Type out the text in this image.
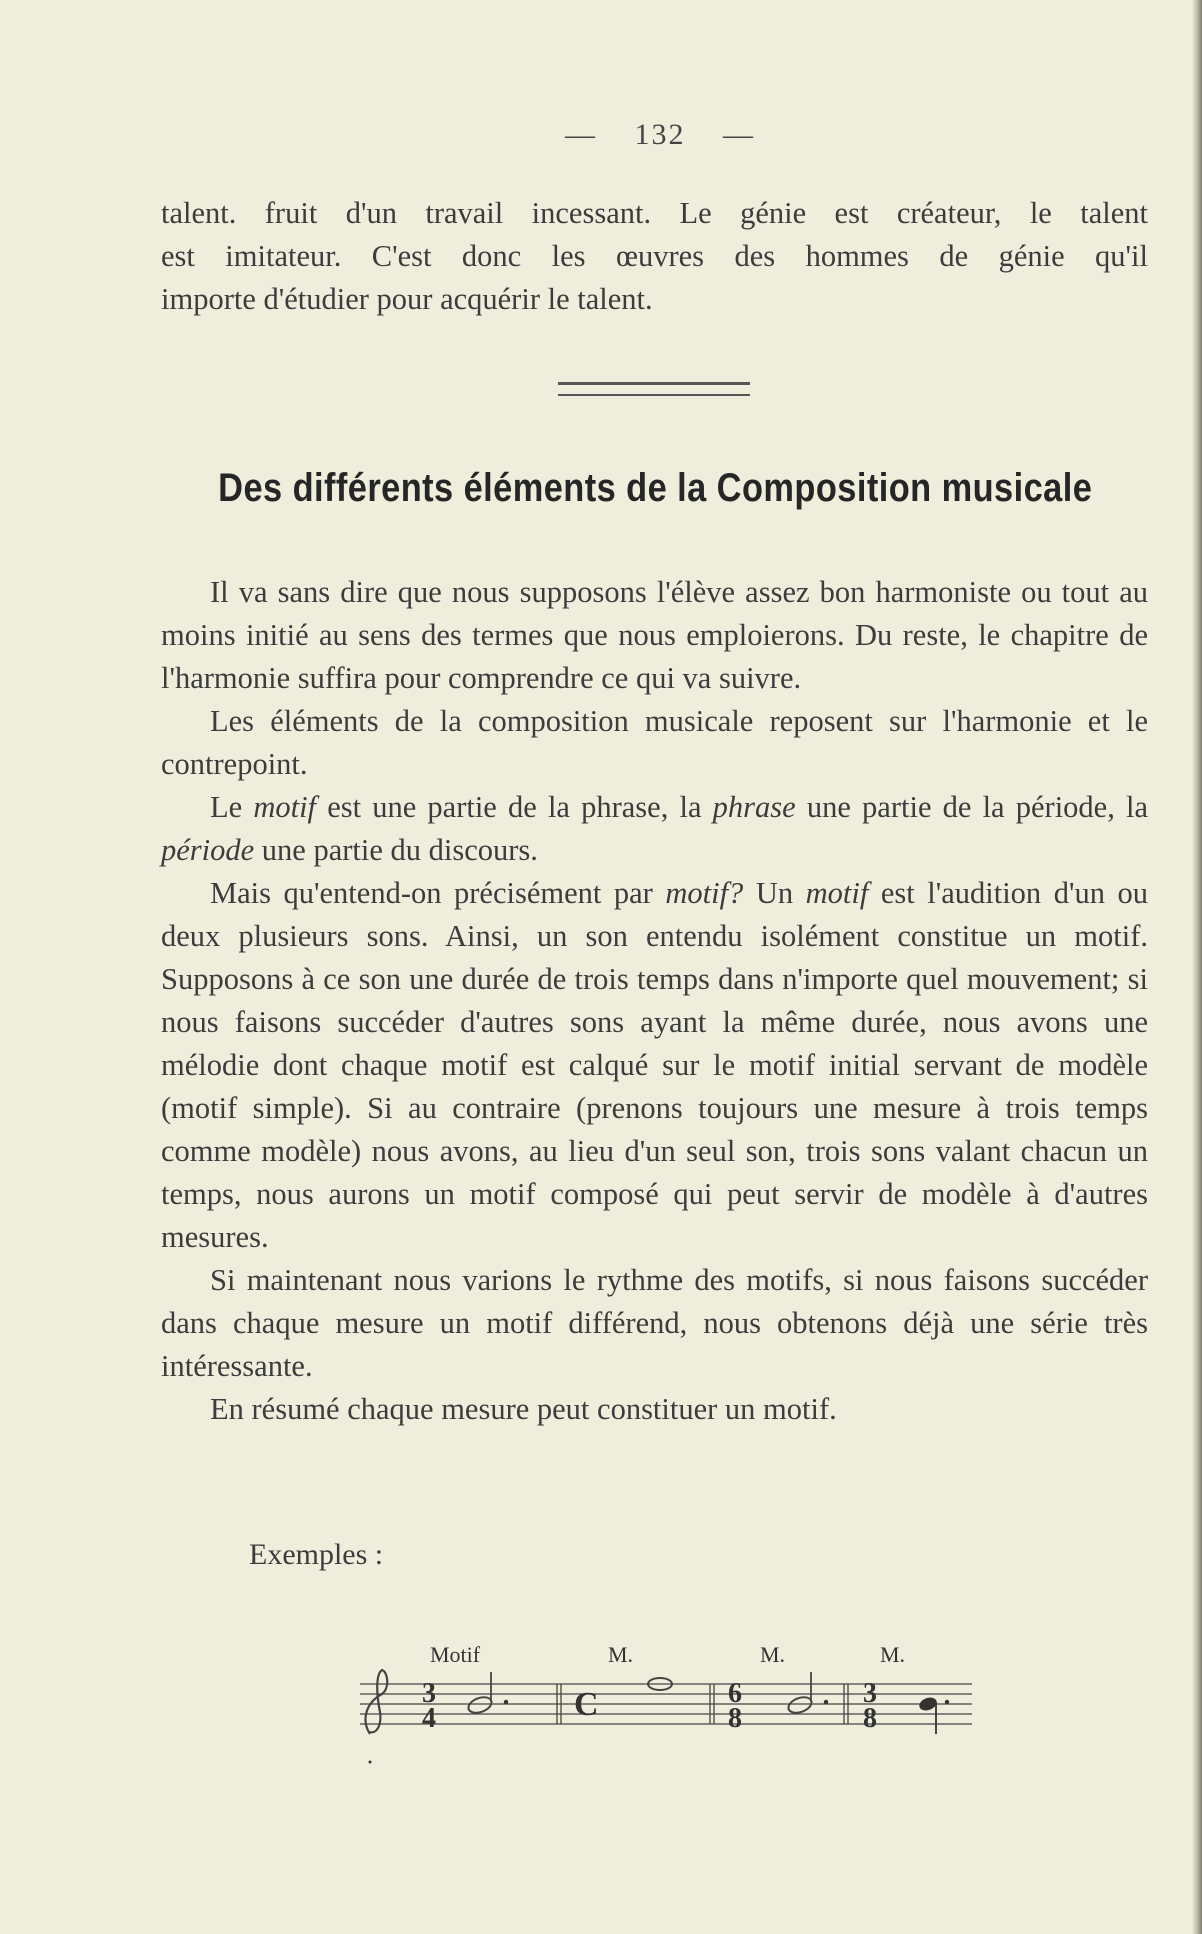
— 132 —

talent. fruit d'un travail incessant. Le génie est créateur, le talent

est imitateur. C'est donc les œuvres des hommes de génie qu'il

importe d'étudier pour acquérir le talent.

Des différents éléments de la Composition musicale

Il va sans dire que nous supposons l'élève assez bon harmoniste ou tout au moins initié au sens des termes que nous emploierons. Du reste, le chapitre de l'harmonie suffira pour comprendre ce qui va suivre.

Les éléments de la composition musicale reposent sur l'harmonie et le contrepoint.

Le motif est une partie de la phrase, la phrase une partie de la période, la période une partie du discours.

Mais qu'entend-on précisément par motif? Un motif est l'audition d'un ou deux plusieurs sons. Ainsi, un son entendu isolément constitue un motif. Supposons à ce son une durée de trois temps dans n'importe quel mouvement; si nous faisons succéder d'autres sons ayant la même durée, nous avons une mélodie dont chaque motif est calqué sur le motif initial servant de modèle (motif simple). Si au contraire (prenons toujours une mesure à trois temps comme modèle) nous avons, au lieu d'un seul son, trois sons valant chacun un temps, nous aurons un motif composé qui peut servir de modèle à d'autres mesures.

Si maintenant nous varions le rythme des motifs, si nous faisons succéder dans chaque mesure un motif différend, nous obtenons déjà une série très intéressante.

En résumé chaque mesure peut constituer un motif.

Exemples :
Motif	M.	M.	M.
3
4	C	6
8
3
8
